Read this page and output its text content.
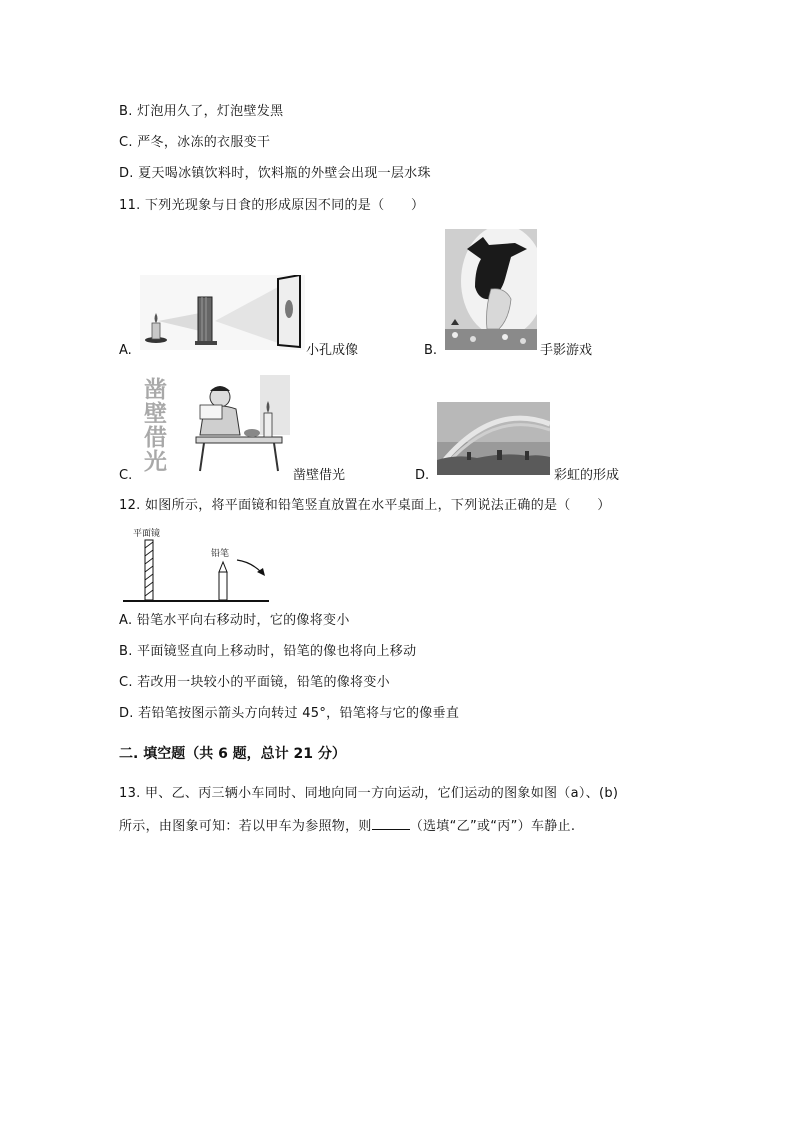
B. 灯泡用久了，灯泡壁发黑
C. 严冬，冰冻的衣服变干
D. 夏天喝冰镇饮料时，饮料瓶的外壁会出现一层水珠
11. 下列光现象与日食的形成原因不同的是（　　）
A.	小孔成像	B.	手影游戏
C.
凿
壁
借
光
凿壁借光	D.	彩虹的形成
12. 如图所示，将平面镜和铅笔竖直放置在水平桌面上，下列说法正确的是（　　）
平面镜
铅笔
A. 铅笔水平向右移动时，它的像将变小
B. 平面镜竖直向上移动时，铅笔的像也将向上移动
C. 若改用一块较小的平面镜，铅笔的像将变小
D. 若铅笔按图示箭头方向转过 45°，铅笔将与它的像垂直
二. 填空题（共 6 题，总计 21 分）
13. 甲、乙、丙三辆小车同时、同地向同一方向运动，它们运动的图象如图（a）、(b)
所示，由图象可知：若以甲车为参照物，则	（选填“乙”或“丙”）车静止.
